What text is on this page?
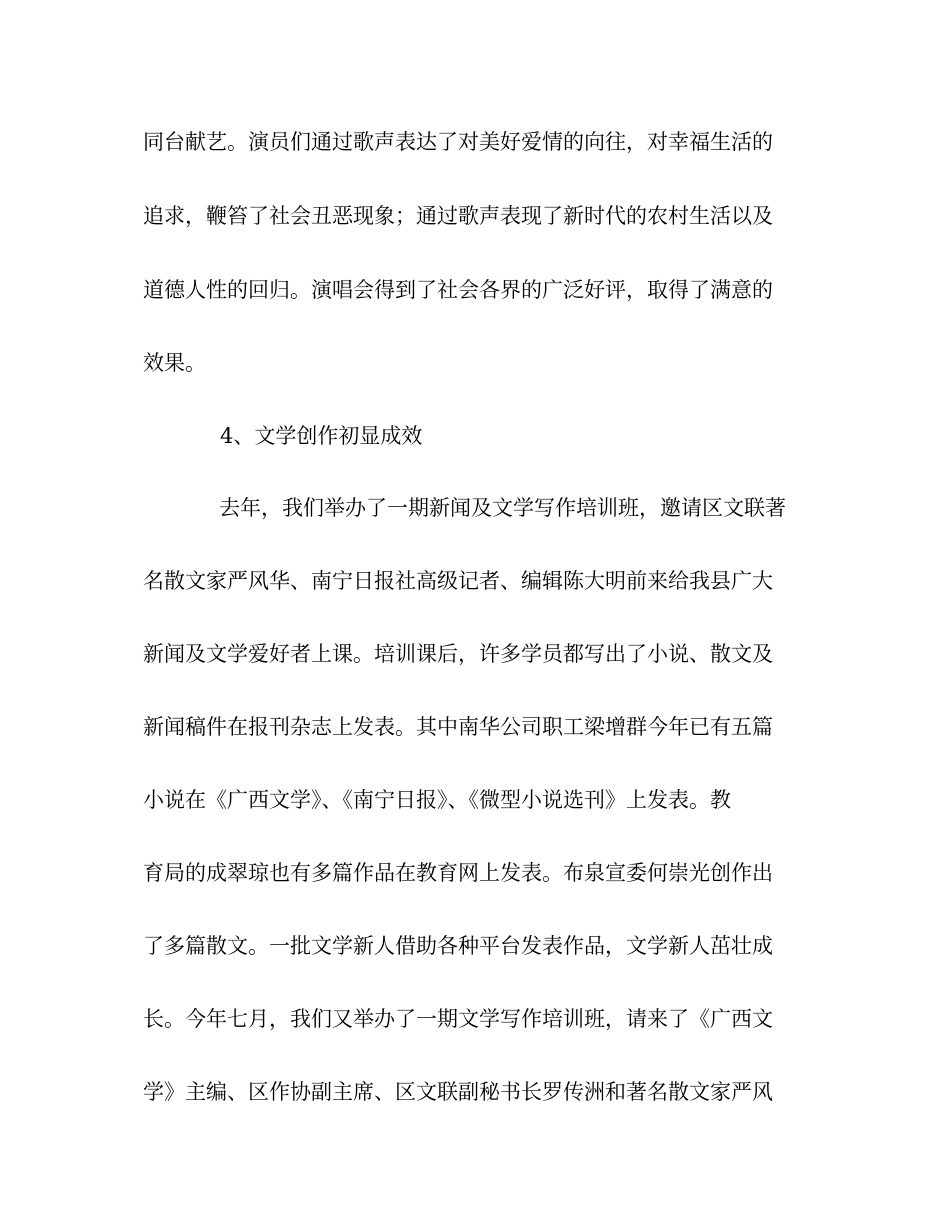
同台献艺。演员们通过歌声表达了对美好爱情的向往，对幸福生活的
追求，鞭笞了社会丑恶现象；通过歌声表现了新时代的农村生活以及
道德人性的回归。演唱会得到了社会各界的广泛好评，取得了满意的
效果。
4、文学创作初显成效
去年，我们举办了一期新闻及文学写作培训班，邀请区文联著
名散文家严风华、南宁日报社高级记者、编辑陈大明前来给我县广大
新闻及文学爱好者上课。培训课后，许多学员都写出了小说、散文及
新闻稿件在报刊杂志上发表。其中南华公司职工梁增群今年已有五篇
小说在《广西文学》、《南宁日报》、《微型小说选刊》上发表。教
育局的成翠琼也有多篇作品在教育网上发表。布泉宣委何崇光创作出
了多篇散文。一批文学新人借助各种平台发表作品，文学新人茁壮成
长。今年七月，我们又举办了一期文学写作培训班，请来了《广西文
学》主编、区作协副主席、区文联副秘书长罗传洲和著名散文家严风
